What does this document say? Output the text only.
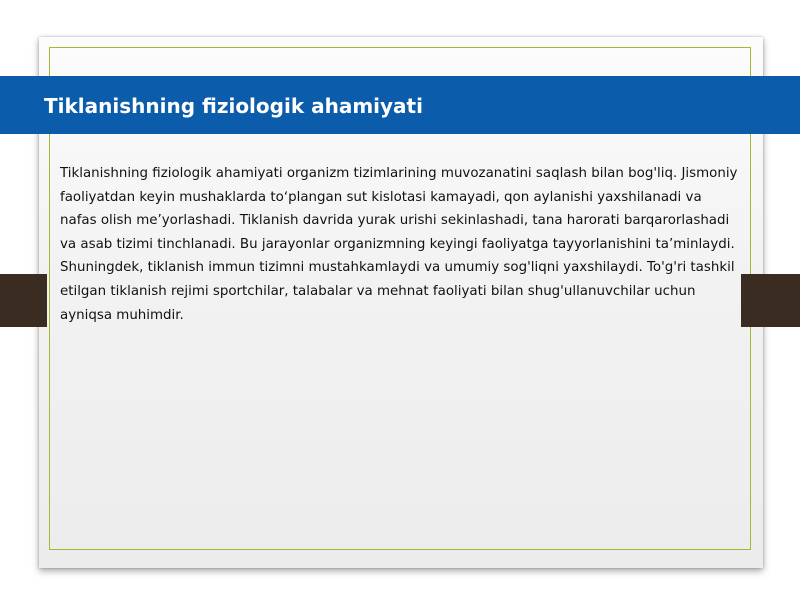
Tiklanishning fiziologik ahamiyati

Tiklanishning fiziologik ahamiyati organizm tizimlarining muvozanatini saqlash bilan bog'liq. Jismoniy faoliyatdan keyin mushaklarda toʻplangan sut kislotasi kamayadi, qon aylanishi yaxshilanadi va nafas olish me’yorlashadi. Tiklanish davrida yurak urishi sekinlashadi, tana harorati barqarorlashadi va asab tizimi tinchlanadi. Bu jarayonlar organizmning keyingi faoliyatga tayyorlanishini ta’minlaydi. Shuningdek, tiklanish immun tizimni mustahkamlaydi va umumiy sog'liqni yaxshilaydi. To'g'ri tashkil etilgan tiklanish rejimi sportchilar, talabalar va mehnat faoliyati bilan shug'ullanuvchilar uchun ayniqsa muhimdir.
